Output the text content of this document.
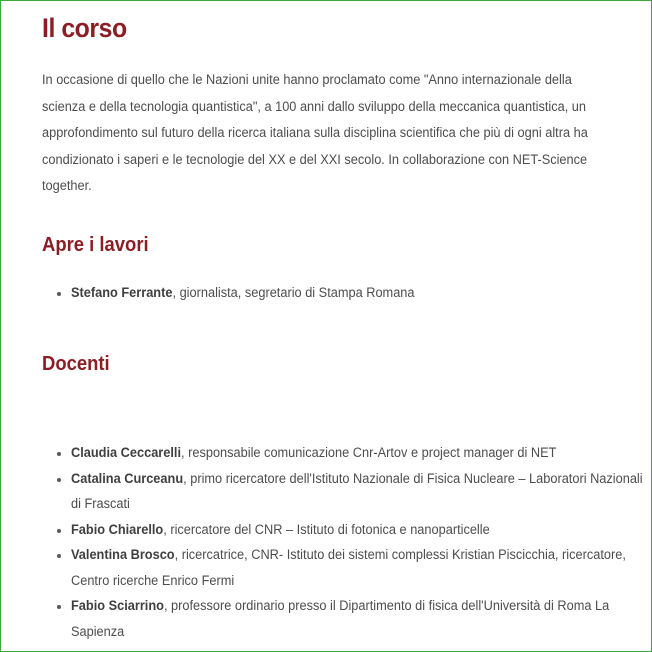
Il corso

In occasione di quello che le Nazioni unite hanno proclamato come "Anno internazionale della scienza e della tecnologia quantistica", a 100 anni dallo sviluppo della meccanica quantistica, un approfondimento sul futuro della ricerca italiana sulla disciplina scientifica che più di ogni altra ha condizionato i saperi e le tecnologie del XX e del XXI secolo. In collaborazione con NET-Science together.

Apre i lavori
Stefano Ferrante, giornalista, segretario di Stampa Romana
Docenti
Claudia Ceccarelli, responsabile comunicazione Cnr-Artov e project manager di NET
Catalina Curceanu, primo ricercatore dell'Istituto Nazionale di Fisica Nucleare – Laboratori Nazionali di Frascati
Fabio Chiarello, ricercatore del CNR – Istituto di fotonica e nanoparticelle
Valentina Brosco, ricercatrice, CNR- Istituto dei sistemi complessi Kristian Piscicchia, ricercatore, Centro ricerche Enrico Fermi
Fabio Sciarrino, professore ordinario presso il Dipartimento di fisica dell'Università di Roma La Sapienza
